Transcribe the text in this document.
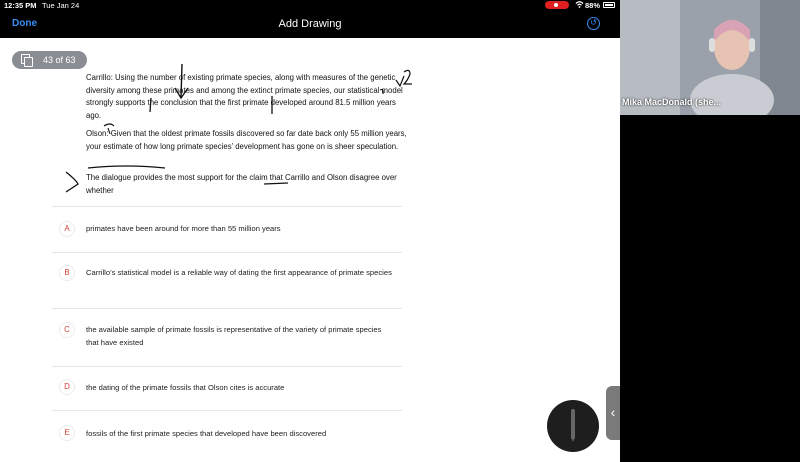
12:35 PM Tue Jan 24	88%
Add Drawing
Done	↺
43 of 63

Carrillo: Using the number of existing primate species, along with measures of the genetic diversity among these primates and among the extinct primate species, our statistical model strongly supports the conclusion that the first primate developed around 81.5 million years ago.

Olson: Given that the oldest primate fossils discovered so far date back only 55 million years, your estimate of how long primate species’ development has gone on is sheer speculation.

The dialogue provides the most support for the claim that Carrillo and Olson disagree over whether

A	primates have been around for more than 55 million years
B	Carrillo’s statistical model is a reliable way of dating the first appearance of primate species
C	the available sample of primate fossils is representative of the variety of primate species that have existed
D	the dating of the primate fossils that Olson cites is accurate
E	fossils of the first primate species that developed have been discovered
‹
Mika MacDonald (she...
